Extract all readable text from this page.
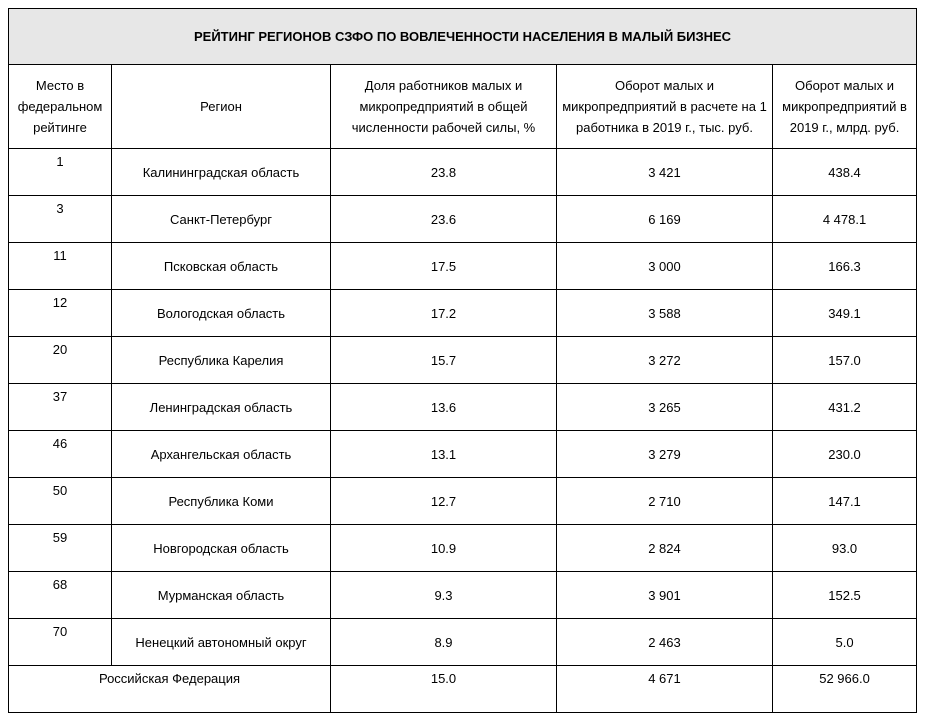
РЕЙТИНГ РЕГИОНОВ СЗФО ПО ВОВЛЕЧЕННОСТИ НАСЕЛЕНИЯ В МАЛЫЙ БИЗНЕС				
Место в федеральном рейтинге	Регион	Доля работников малых и микропредприятий в общей численности рабочей силы, %	Оборот малых и микропредприятий в расчете на 1 работника в 2019 г., тыс. руб.	Оборот малых и микропредприятий в 2019 г., млрд. руб.
1	Калининградская область	23.8	3 421	438.4
3	Санкт-Петербург	23.6	6 169	4 478.1
11	Псковская область	17.5	3 000	166.3
12	Вологодская область	17.2	3 588	349.1
20	Республика Карелия	15.7	3 272	157.0
37	Ленинградская область	13.6	3 265	431.2
46	Архангельская область	13.1	3 279	230.0
50	Республика Коми	12.7	2 710	147.1
59	Новгородская область	10.9	2 824	93.0
68	Мурманская область	9.3	3 901	152.5
70	Ненецкий автономный округ	8.9	2 463	5.0
Российская Федерация		15.0	4 671	52 966.0
